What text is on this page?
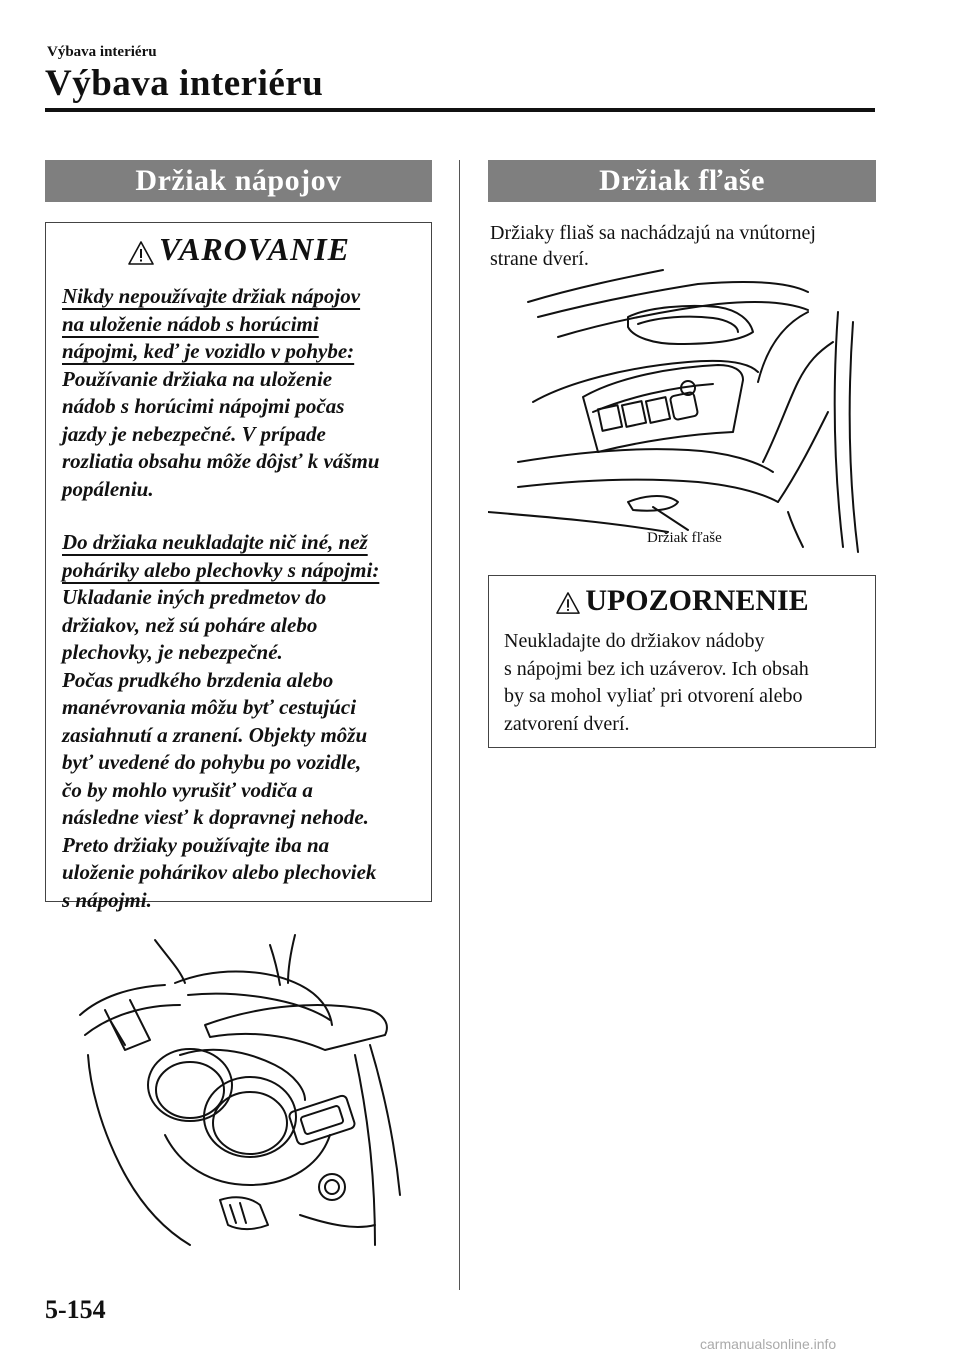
Výbava interiéru
Výbava interiéru
Držiak nápojov
VAROVANIE

Nikdy nepoužívajte držiak nápojov

na uloženie nádob s horúcimi

nápojmi, keď je vozidlo v pohybe:

Používanie držiaka na uloženie

nádob s horúcimi nápojmi počas

jazdy je nebezpečné. V prípade

rozliatia obsahu môže dôjsť k vášmu

popáleniu.

Do držiaka neukladajte nič iné, než

poháriky alebo plechovky s nápojmi:

Ukladanie iných predmetov do

držiakov, než sú poháre alebo

plechovky, je nebezpečné.

Počas prudkého brzdenia alebo

manévrovania môžu byť cestujúci

zasiahnutí a zranení. Objekty môžu

byť uvedené do pohybu po vozidle,

čo by mohlo vyrušiť vodiča a

následne viesť k dopravnej nehode.

Preto držiaky používajte iba na

uloženie pohárikov alebo plechoviek

s nápojmi.

Držiak fľaše
Držiaky fliaš sa nachádzajú na vnútornej
strane dverí.
Držiak fľaše
UPOZORNENIE
Neukladajte do držiakov nádoby
s nápojmi bez ich uzáverov. Ich obsah
by sa mohol vyliať pri otvorení alebo
zatvorení dverí.
5-154
carmanualsonline.info
